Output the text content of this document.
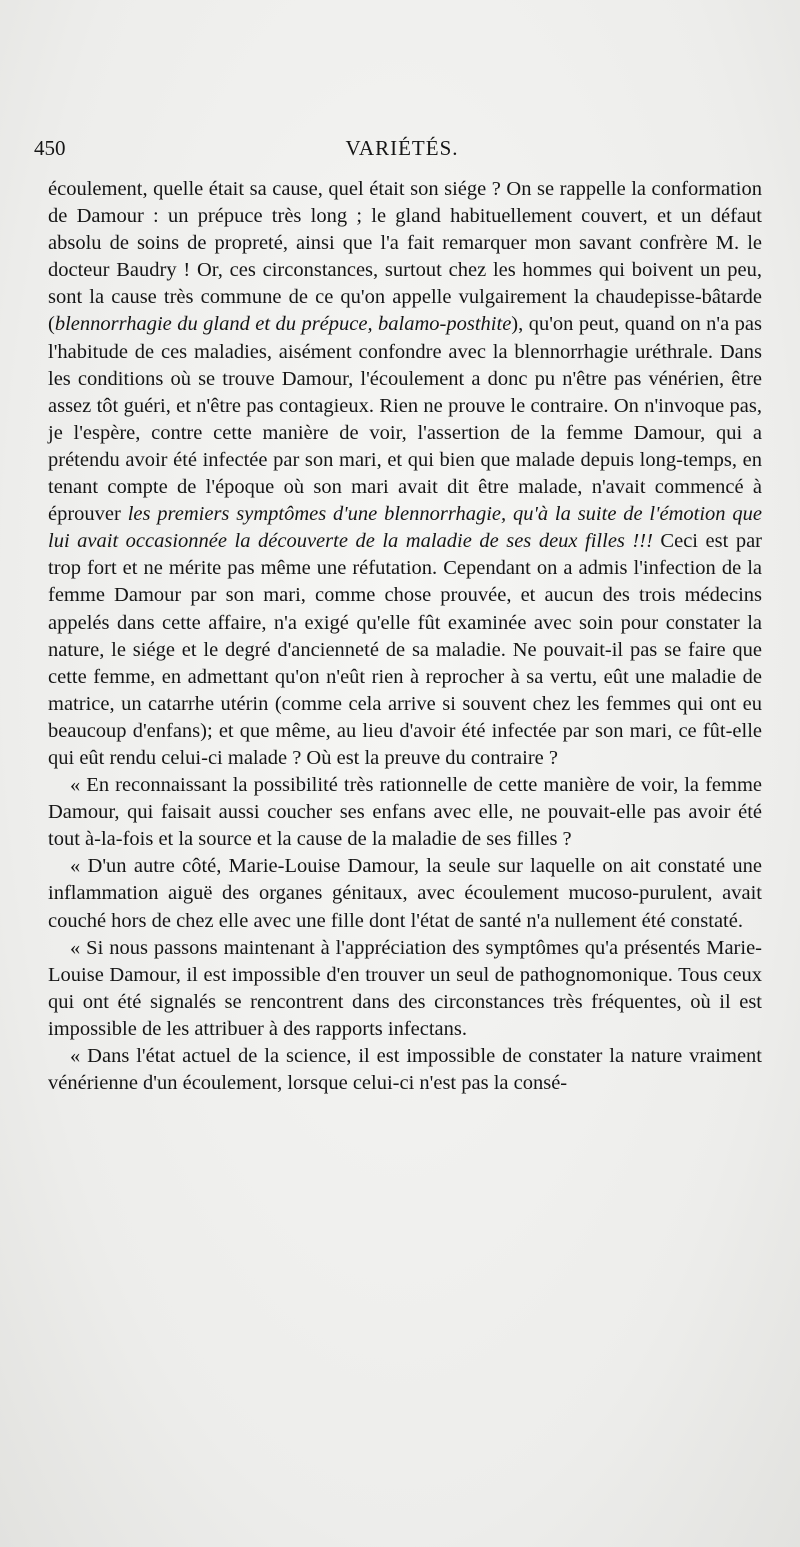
450	VARIÉTÉS.

écoulement, quelle était sa cause, quel était son siége ? On se rappelle la conformation de Damour : un prépuce très long ; le gland habituellement couvert, et un défaut absolu de soins de propreté, ainsi que l'a fait remarquer mon savant confrère M. le docteur Baudry ! Or, ces circonstances, surtout chez les hommes qui boivent un peu, sont la cause très commune de ce qu'on appelle vulgairement la chaudepisse-bâtarde (blennorrhagie du gland et du prépuce, balamo-posthite), qu'on peut, quand on n'a pas l'habitude de ces maladies, aisément confondre avec la blennorrhagie uréthrale. Dans les conditions où se trouve Damour, l'écoulement a donc pu n'être pas vénérien, être assez tôt guéri, et n'être pas contagieux. Rien ne prouve le contraire. On n'invoque pas, je l'espère, contre cette manière de voir, l'assertion de la femme Damour, qui a prétendu avoir été infectée par son mari, et qui bien que malade depuis long-temps, en tenant compte de l'époque où son mari avait dit être malade, n'avait commencé à éprouver les premiers symptômes d'une blennorrhagie, qu'à la suite de l'émotion que lui avait occasionnée la découverte de la maladie de ses deux filles !!! Ceci est par trop fort et ne mérite pas même une réfutation. Cependant on a admis l'infection de la femme Damour par son mari, comme chose prouvée, et aucun des trois médecins appelés dans cette affaire, n'a exigé qu'elle fût examinée avec soin pour constater la nature, le siége et le degré d'ancienneté de sa maladie. Ne pouvait-il pas se faire que cette femme, en admettant qu'on n'eût rien à reprocher à sa vertu, eût une maladie de matrice, un catarrhe utérin (comme cela arrive si souvent chez les femmes qui ont eu beaucoup d'enfans); et que même, au lieu d'avoir été infectée par son mari, ce fût-elle qui eût rendu celui-ci malade ? Où est la preuve du contraire ?

« En reconnaissant la possibilité très rationnelle de cette manière de voir, la femme Damour, qui faisait aussi coucher ses enfans avec elle, ne pouvait-elle pas avoir été tout à-la-fois et la source et la cause de la maladie de ses filles ?

« D'un autre côté, Marie-Louise Damour, la seule sur laquelle on ait constaté une inflammation aiguë des organes génitaux, avec écoulement mucoso-purulent, avait couché hors de chez elle avec une fille dont l'état de santé n'a nullement été constaté.

« Si nous passons maintenant à l'appréciation des symptômes qu'a présentés Marie-Louise Damour, il est impossible d'en trouver un seul de pathognomonique. Tous ceux qui ont été signalés se rencontrent dans des circonstances très fréquentes, où il est impossible de les attribuer à des rapports infectans.

« Dans l'état actuel de la science, il est impossible de constater la nature vraiment vénérienne d'un écoulement, lorsque celui-ci n'est pas la consé-
